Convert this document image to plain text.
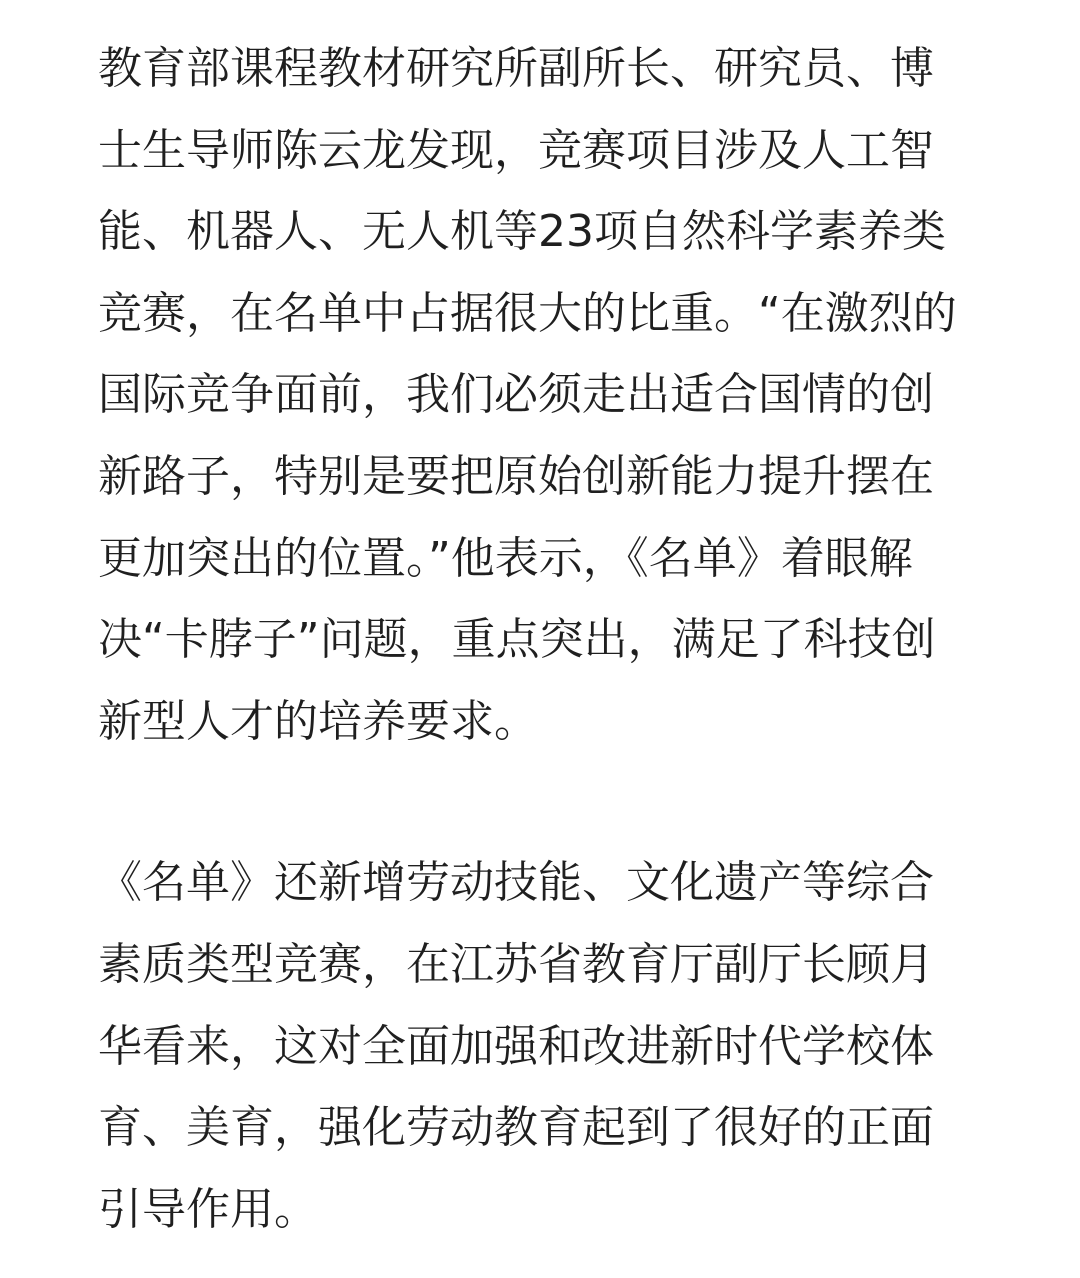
教育部课程教材研究所副所长、研究员、博
士生导师陈云龙发现，竞赛项目涉及人工智
能、机器人、无人机等23项自然科学素养类
竞赛，在名单中占据很大的比重。“在激烈的
国际竞争面前，我们必须走出适合国情的创
新路子，特别是要把原始创新能力提升摆在
更加突出的位置。”他表示，《名单》着眼解
决“卡脖子”问题，重点突出，满足了科技创
新型人才的培养要求。

《名单》还新增劳动技能、文化遗产等综合
素质类型竞赛，在江苏省教育厅副厅长顾月
华看来，这对全面加强和改进新时代学校体
育、美育，强化劳动教育起到了很好的正面
引导作用。
